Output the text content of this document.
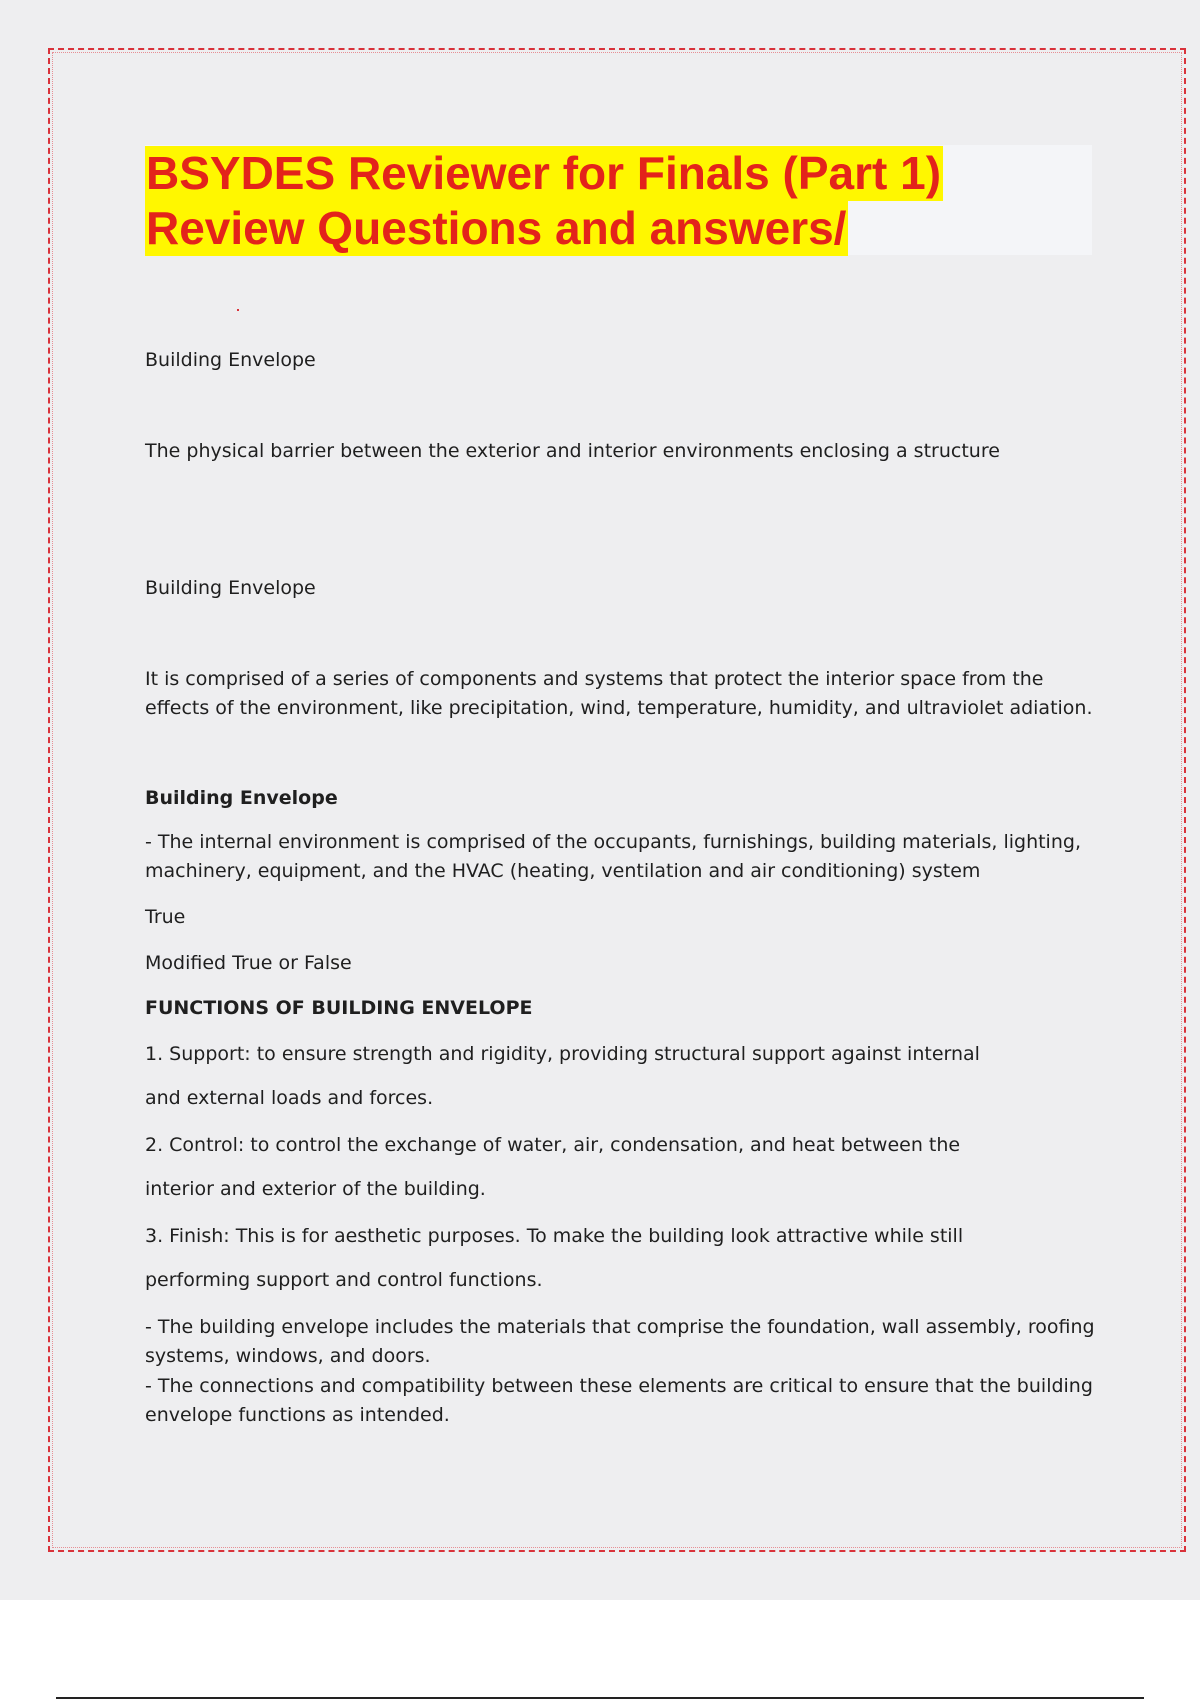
BSYDES Reviewer for Finals (Part 1)
Review Questions and answers/

Building Envelope

The physical barrier between the exterior and interior environments enclosing a structure

Building Envelope

It is comprised of a series of components and systems that protect the interior space from the effects of the environment, like precipitation, wind, temperature, humidity, and ultraviolet adiation.

Building Envelope

- The internal environment is comprised of the occupants, furnishings, building materials, lighting, machinery, equipment, and the HVAC (heating, ventilation and air conditioning) system

True

Modified True or False

FUNCTIONS OF BUILDING ENVELOPE

1. Support: to ensure strength and rigidity, providing structural support against internal

and external loads and forces.

2. Control: to control the exchange of water, air, condensation, and heat between the

interior and exterior of the building.

3. Finish: This is for aesthetic purposes. To make the building look attractive while still

performing support and control functions.

- The building envelope includes the materials that comprise the foundation, wall assembly, roofing systems, windows, and doors.

- The connections and compatibility between these elements are critical to ensure that the building envelope functions as intended.
